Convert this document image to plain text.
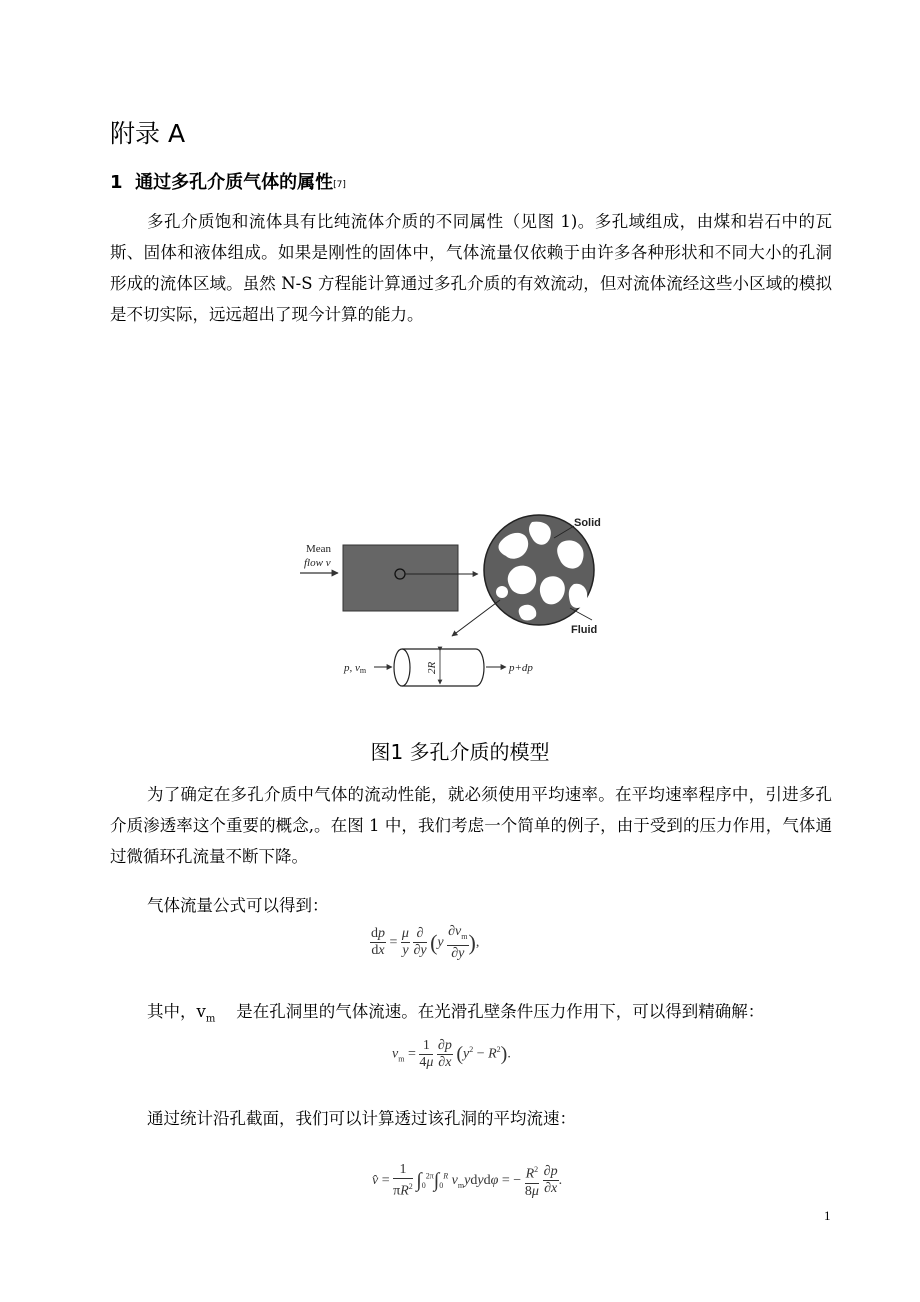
附录 A
1 通过多孔介质气体的属性[7]
多孔介质饱和流体具有比纯流体介质的不同属性（见图 1)。多孔域组成，由煤和岩石中的瓦斯、固体和液体组成。如果是刚性的固体中，气体流量仅依赖于由许多各种形状和不同大小的孔洞形成的流体区域。虽然 N-S 方程能计算通过多孔介质的有效流动，但对流体流经这些小区域的模拟是不切实际，远远超出了现今计算的能力。
Mean
flow v
Solid
Fluid
p, vm	2R	p+dp
图1 多孔介质的模型
为了确定在多孔介质中气体的流动性能，就必须使用平均速率。在平均速率程序中，引进多孔介质渗透率这个重要的概念,。在图 1 中，我们考虑一个简单的例子，由于受到的压力作用，气体通过微循环孔流量不断下降。
气体流量公式可以得到：
$\frac{dp}{dx} = \frac{\mu}{y}$
$\frac{\partial}{\partial y} (y \frac{\partial v_m}{\partial y}$ ),
其中，$v_m$ 是在孔洞里的气体流速。在光滑孔壁条件压力作用下，可以得到精确解：
$v_m = \frac{1}{4\mu}$
$\frac{\partial p}{\partial x} (y^2 - R^2)$.
通过统计沿孔截面，我们可以计算透过该孔洞的平均流速：
v̂ = $\frac{1}{\pi R^2} \int_0^{2\pi}\int_0^R$ $v_mydyd\varphi$ = − $\frac{R^2}{8\mu}$
$\frac{\partial p}{\partial x}$ .
1
